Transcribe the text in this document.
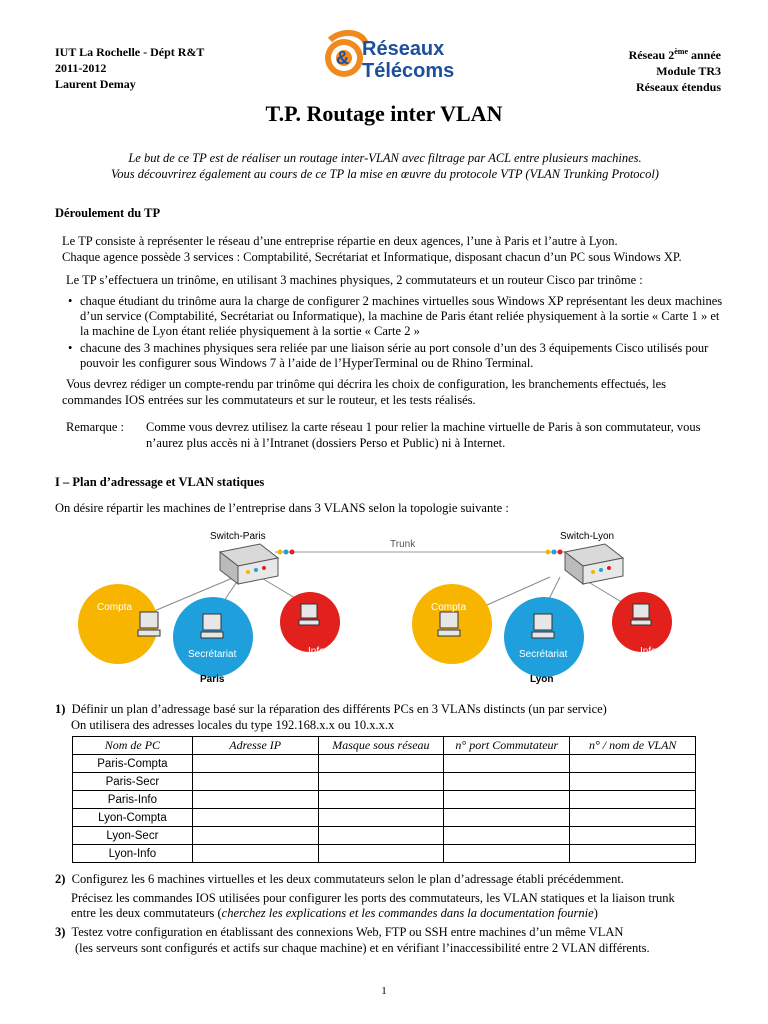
IUT La Rochelle - Dépt R&T
2011-2012
Laurent Demay
& Réseaux
Télécoms
Réseau 2ème année
Module TR3
Réseaux étendus
T.P. Routage inter VLAN
Le but de ce TP est de réaliser un routage inter-VLAN avec filtrage par ACL entre plusieurs machines.
Vous découvrirez également au cours de ce TP la mise en œuvre du protocole VTP (VLAN Trunking Protocol)
Déroulement du TP
Le TP consiste à représenter le réseau d’une entreprise répartie en deux agences, l’une à Paris et l’autre à Lyon.
Chaque agence possède 3 services : Comptabilité, Secrétariat et Informatique, disposant chacun d’un PC sous Windows XP.
Le TP s’effectuera un trinôme, en utilisant 3 machines physiques, 2 commutateurs et un routeur Cisco par trinôme :
• chaque étudiant du trinôme aura la charge de configurer 2 machines virtuelles sous Windows XP représentant les deux machines d’un service (Comptabilité, Secrétariat ou Informatique), la machine de Paris étant reliée physiquement à la sortie « Carte 1 » et la machine de Lyon étant reliée physiquement à la sortie « Carte 2 »
• chacune des 3 machines physiques sera reliée par une liaison série au port console d’un des 3 équipements Cisco utilisés pour pouvoir les configurer sous Windows 7 à l’aide de l’HyperTerminal ou de Rhino Terminal.
Vous devrez rédiger un compte-rendu par trinôme qui décrira les choix de configuration, les branchements effectués, les commandes IOS entrées sur les commutateurs et sur le routeur, et les tests réalisés.
Remarque : Comme vous devrez utilisez la carte réseau 1 pour relier la machine virtuelle de Paris à son commutateur, vous n’aurez plus accès ni à l’Intranet (dossiers Perso et Public) ni à Internet.
I – Plan d’adressage et VLAN statiques
On désire répartir les machines de l’entreprise dans 3 VLANS selon la topologie suivante :
Trunk
Switch-Paris	Switch-Lyon
Compta
Secrétariat	Info
Compta
Secrétariat	Info
Paris	Lyon
1) Définir un plan d’adressage basé sur la réparation des différents PCs en 3 VLANs distincts (un par service)
On utilisera des adresses locales du type 192.168.x.x ou 10.x.x.x
Nom de PC	Adresse IP	Masque sous réseau	n° port Commutateur	n° / nom de VLAN
Paris-Compta				
Paris-Secr				
Paris-Info				
Lyon-Compta				
Lyon-Secr				
Lyon-Info				
2) Configurez les 6 machines virtuelles et les deux commutateurs selon le plan d’adressage établi précédemment.
Précisez les commandes IOS utilisées pour configurer les ports des commutateurs, les VLAN statiques et la liaison trunk
entre les deux commutateurs (cherchez les explications et les commandes dans la documentation fournie)
3) Testez votre configuration en établissant des connexions Web, FTP ou SSH entre machines d’un même VLAN
(les serveurs sont configurés et actifs sur chaque machine) et en vérifiant l’inaccessibilité entre 2 VLAN différents.
1
